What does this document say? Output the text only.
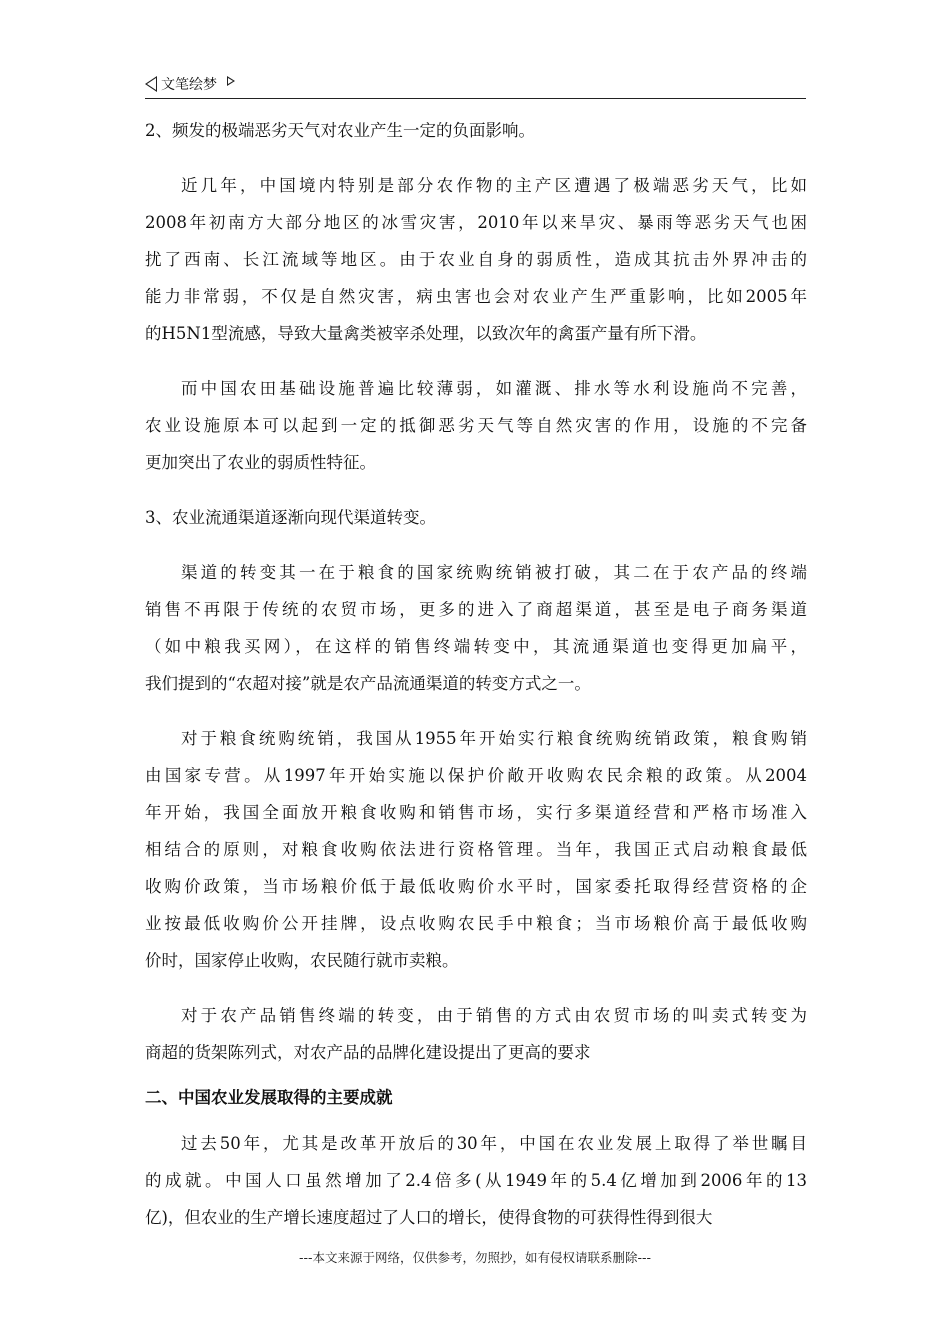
文笔绘梦
2、频发的极端恶劣天气对农业产生一定的负面影响。
近几年，中国境内特别是部分农作物的主产区遭遇了极端恶劣天气，比如
2008年初南方大部分地区的冰雪灾害，2010年以来旱灾、暴雨等恶劣天气也困
扰了西南、长江流域等地区。由于农业自身的弱质性，造成其抗击外界冲击的
能力非常弱，不仅是自然灾害，病虫害也会对农业产生严重影响，比如2005年
的H5N1型流感，导致大量禽类被宰杀处理，以致次年的禽蛋产量有所下滑。
而中国农田基础设施普遍比较薄弱，如灌溉、排水等水利设施尚不完善，
农业设施原本可以起到一定的抵御恶劣天气等自然灾害的作用，设施的不完备
更加突出了农业的弱质性特征。
3、农业流通渠道逐渐向现代渠道转变。
渠道的转变其一在于粮食的国家统购统销被打破，其二在于农产品的终端
销售不再限于传统的农贸市场，更多的进入了商超渠道，甚至是电子商务渠道
（如中粮我买网），在这样的销售终端转变中，其流通渠道也变得更加扁平，
我们提到的“农超对接”就是农产品流通渠道的转变方式之一。
对于粮食统购统销，我国从1955年开始实行粮食统购统销政策，粮食购销
由国家专营。从1997年开始实施以保护价敞开收购农民余粮的政策。从2004
年开始，我国全面放开粮食收购和销售市场，实行多渠道经营和严格市场准入
相结合的原则，对粮食收购依法进行资格管理。当年，我国正式启动粮食最低
收购价政策，当市场粮价低于最低收购价水平时，国家委托取得经营资格的企
业按最低收购价公开挂牌，设点收购农民手中粮食；当市场粮价高于最低收购
价时，国家停止收购，农民随行就市卖粮。
对于农产品销售终端的转变，由于销售的方式由农贸市场的叫卖式转变为
商超的货架陈列式，对农产品的品牌化建设提出了更高的要求
二、中国农业发展取得的主要成就
过去50年，尤其是改革开放后的30年，中国在农业发展上取得了举世瞩目
的成就。中国人口虽然增加了2.4倍多(从1949年的5.4亿增加到2006年的13
亿)，但农业的生产增长速度超过了人口的增长，使得食物的可获得性得到很大
---本文来源于网络，仅供参考，勿照抄，如有侵权请联系删除---
